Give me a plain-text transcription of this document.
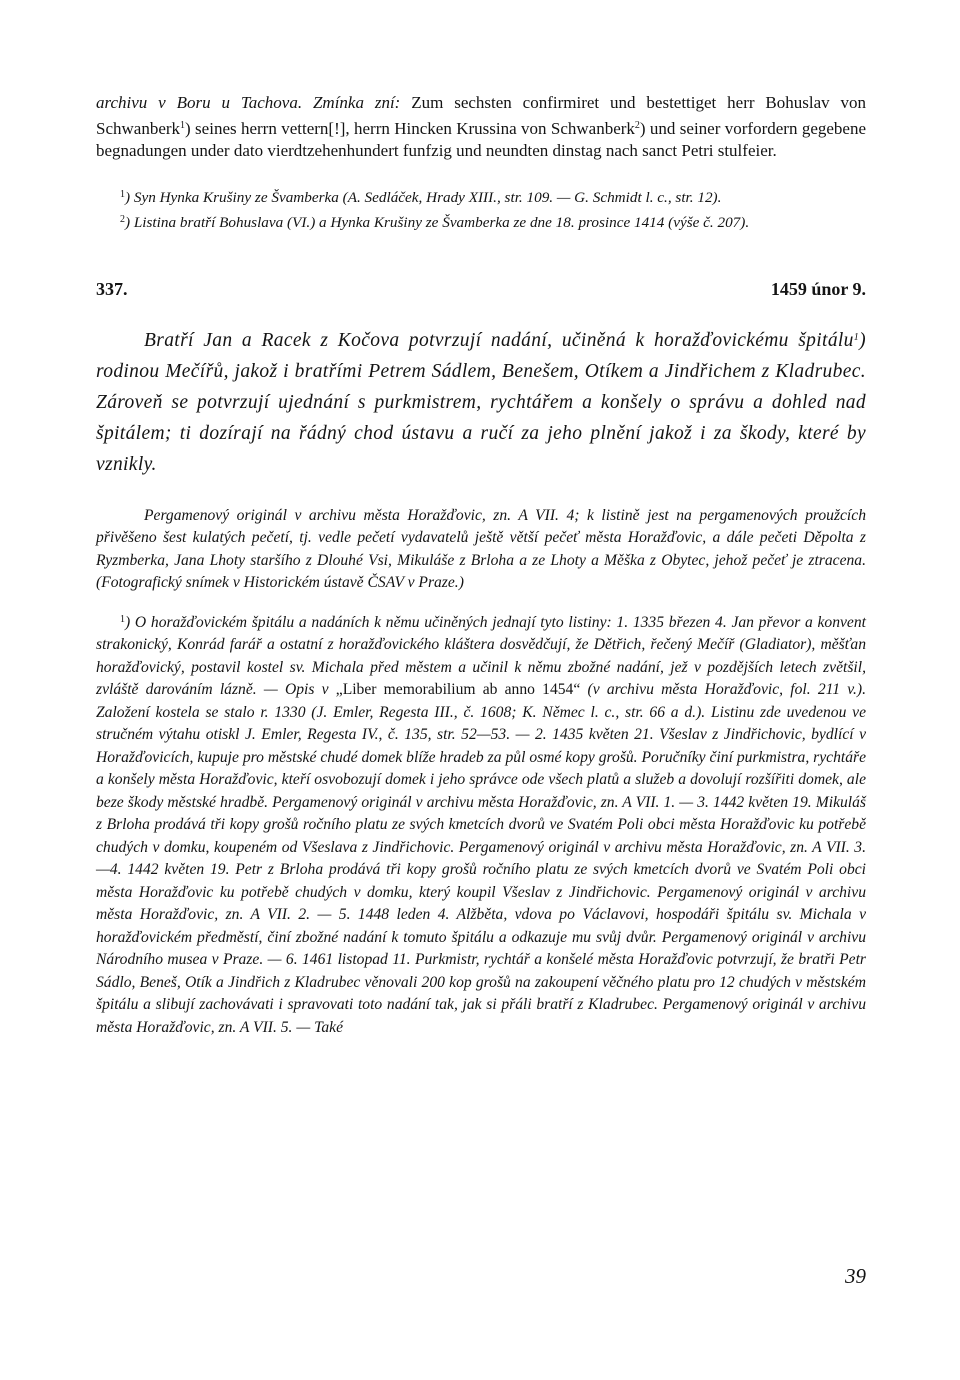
archivu v Boru u Tachova. Zmínka zní: Zum sechsten confirmiret und bestettiget herr Bohuslav von Schwanberk$^1$) seines herrn vettern[!], herrn Hincken Krussina von Schwanberk$^2$) und seiner vorfordern gegebene begnadungen under dato vierdtzehenhundert funfzig und neundten dinstag nach sanct Petri stulfeier.

$^1$) Syn Hynka Krušiny ze Švamberka (A. Sedláček, Hrady XIII., str. 109. — G. Schmidt l. c., str. 12).

$^2$) Listina bratří Bohuslava (VI.) a Hynka Krušiny ze Švamberka ze dne 18. prosince 1414 (výše č. 207).

337.	1459 únor 9.

Bratří Jan a Racek z Kočova potvrzují nadání, učiněná k horažďovickému špitálu$^1$) rodinou Mečířů, jakož i bratřími Petrem Sádlem, Benešem, Otíkem a Jindřichem z Kladrubec. Zároveň se potvrzují ujednání s purkmistrem, rychtářem a konšely o správu a dohled nad špitálem; ti dozírají na řádný chod ústavu a ručí za jeho plnění jakož i za škody, které by vznikly.

Pergamenový originál v archivu města Horažďovic, zn. A VII. 4; k listině jest na pergamenových proužcích přivěšeno šest kulatých pečetí, tj. vedle pečetí vydavatelů ještě větší pečeť města Horažďovic, a dále pečeti Děpolta z Ryzmberka, Jana Lhoty staršího z Dlouhé Vsi, Mikuláše z Brloha a ze Lhoty a Měška z Obytec, jehož pečeť je ztracena. (Fotografický snímek v Historickém ústavě ČSAV v Praze.)

$^1$) O horažďovickém špitálu a nadáních k němu učiněných jednají tyto listiny: 1. 1335 březen 4. Jan převor a konvent strakonický, Konrád farář a ostatní z horažďovického kláštera dosvědčují, že Dětřich, řečený Mečíř (Gladiator), měšťan horažďovický, postavil kostel sv. Michala před městem a učinil k němu zbožné nadání, jež v pozdějších letech zvětšil, zvláště darováním lázně. — Opis v „Liber memorabilium ab anno 1454“ (v archivu města Horažďovic, fol. 211 v.). Založení kostela se stalo r. 1330 (J. Emler, Regesta III., č. 1608; K. Němec l. c., str. 66 a d.). Listinu zde uvedenou ve stručném výtahu otiskl J. Emler, Regesta IV., č. 135, str. 52—53. — 2. 1435 květen 21. Všeslav z Jindřichovic, bydlící v Horažďovicích, kupuje pro městské chudé domek blíže hradeb za půl osmé kopy grošů. Poručníky činí purkmistra, rychtáře a konšely města Horažďovic, kteří osvobozují domek i jeho správce ode všech platů a služeb a dovolují rozšířiti domek, ale beze škody městské hradbě. Pergamenový originál v archivu města Horažďovic, zn. A VII. 1. — 3. 1442 květen 19. Mikuláš z Brloha prodává tři kopy grošů ročního platu ze svých kmetcích dvorů ve Svatém Poli obci města Horažďovic ku potřebě chudých v domku, koupeném od Všeslava z Jindřichovic. Pergamenový originál v archivu města Horažďovic, zn. A VII. 3.—4. 1442 květen 19. Petr z Brloha prodává tři kopy grošů ročního platu ze svých kmetcích dvorů ve Svatém Poli obci města Horažďovic ku potřebě chudých v domku, který koupil Všeslav z Jindřichovic. Pergamenový originál v archivu města Horažďovic, zn. A VII. 2. — 5. 1448 leden 4. Alžběta, vdova po Václavovi, hospodáři špitálu sv. Michala v horažďovickém předměstí, činí zbožné nadání k tomuto špitálu a odkazuje mu svůj dvůr. Pergamenový originál v archivu Národního musea v Praze. — 6. 1461 listopad 11. Purkmistr, rychtář a konšelé města Horažďovic potvrzují, že bratři Petr Sádlo, Beneš, Otík a Jindřich z Kladrubec věnovali 200 kop grošů na zakoupení věčného platu pro 12 chudých v městském špitálu a slibují zachovávati i spravovati toto nadání tak, jak si přáli bratří z Kladrubec. Pergamenový originál v archivu města Horažďovic, zn. A VII. 5. — Také

39
